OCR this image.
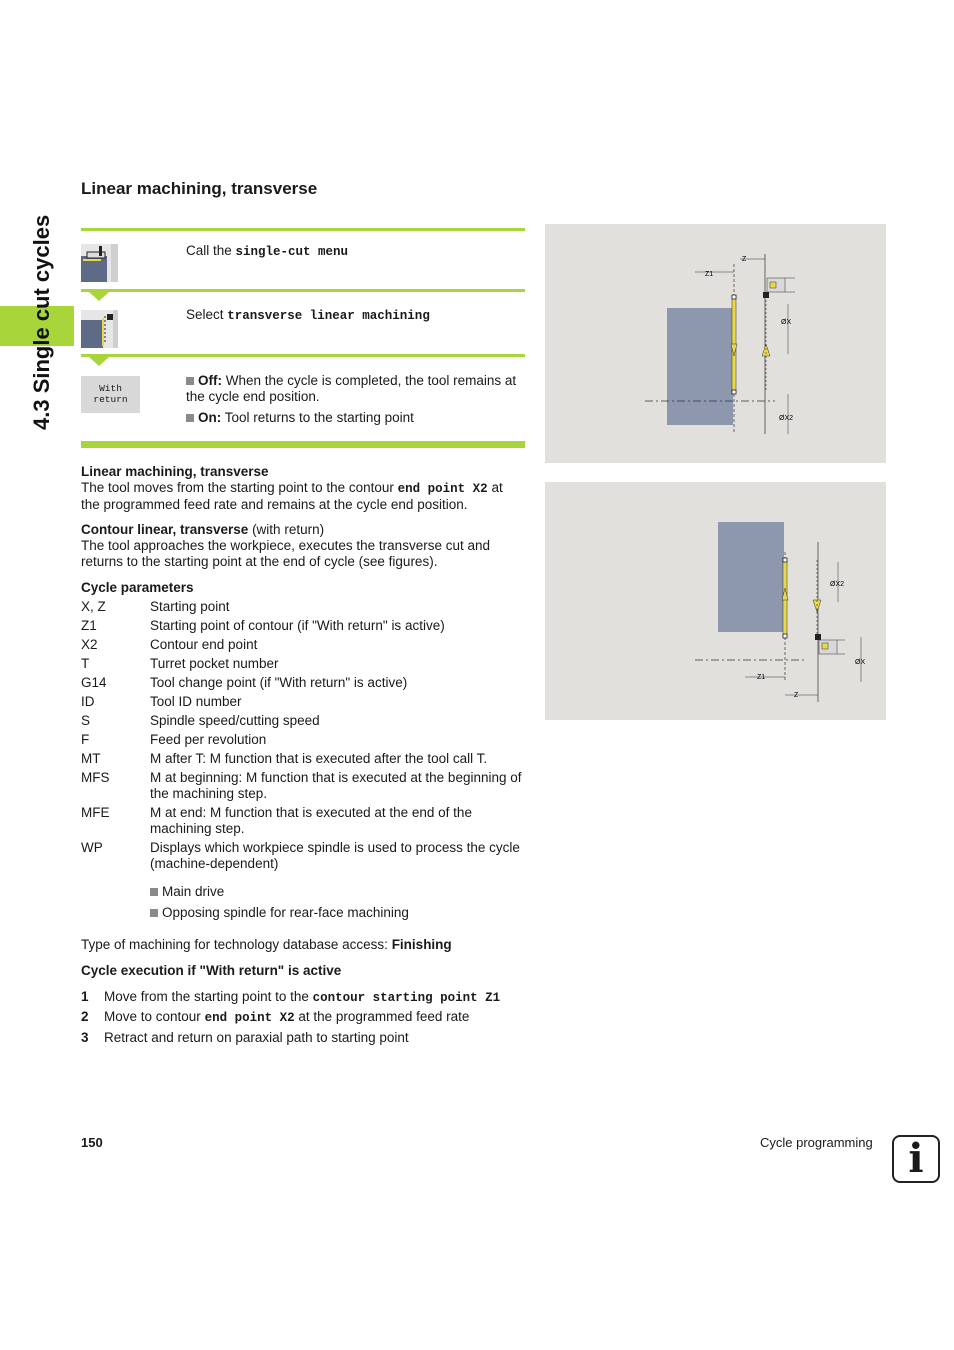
4.3 Single cut cycles
Linear machining, transverse
Call the single-cut menu
Select transverse linear machining
With
return
Off: When the cycle is completed, the tool remains at the cycle end position.
On: Tool returns to the starting point

Linear machining, transverse

The tool moves from the starting point to the contour end point X2 at the programmed feed rate and remains at the cycle end position.

Contour linear, transverse (with return)

The tool approaches the workpiece, executes the transverse cut and returns to the starting point at the end of cycle (see figures).

Cycle parameters
X, Z	Starting point
Z1	Starting point of contour (if "With return" is active)
X2	Contour end point
T	Turret pocket number
G14	Tool change point (if "With return" is active)
ID	Tool ID number
S	Spindle speed/cutting speed
F	Feed per revolution
MT	M after T: M function that is executed after the tool call T.
MFS	M at beginning: M function that is executed at the beginning of the machining step.
MFE	M at end: M function that is executed at the end of the machining step.
WP	Displays which workpiece spindle is used to process the cycle (machine-dependent)
Main drive
Opposing spindle for rear-face machining
Type of machining for technology database access: Finishing
Cycle execution if "With return" is active
1 Move from the starting point to the contour starting point Z1
2 Move to contour end point X2 at the programmed feed rate
3 Retract and return on paraxial path to starting point
Z1
Z
ØX
ØX2
Z1
Z
ØX2
ØX
150	Cycle programming i
